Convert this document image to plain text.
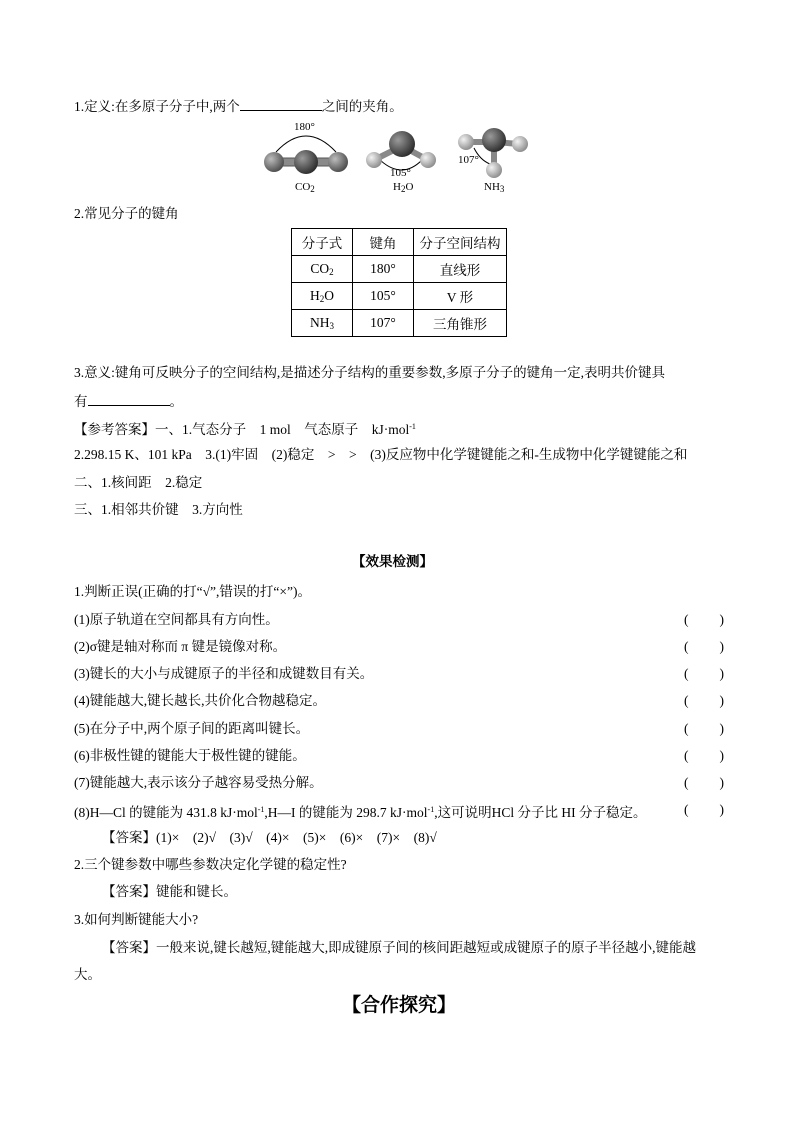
1.定义:在多原子分子中,两个	之间的夹角。
180°
105°
107°
$CO_2$	$H_2O$	$NH_3$
2.常见分子的键角
分子式	键角	分子空间结构
$CO_2$	180°	直线形
$H_2O$	105°	V 形
$NH_3$	107°	三角锥形
3.意义:键角可反映分子的空间结构,是描述分子结构的重要参数,多原子分子的键角一定,表明共价键具
有	。
【参考答案】一、1.气态分子　1 mol　气态原子　kJ·mol$^{-1}$
2.298.15 K、101 kPa　3.(1)牢固　(2)稳定　>　>　(3)反应物中化学键键能之和-生成物中化学键键能之和
二、1.核间距　2.稳定
三、1.相邻共价键　3.方向性
【效果检测】
1.判断正误(正确的打“√”,错误的打“×”)。
(1)原子轨道在空间都具有方向性。	( )
(2)σ键是轴对称而 π 键是镜像对称。	( )
(3)键长的大小与成键原子的半径和成键数目有关。	( )
(4)键能越大,键长越长,共价化合物越稳定。	( )
(5)在分子中,两个原子间的距离叫键长。	( )
(6)非极性键的键能大于极性键的键能。	( )
(7)键能越大,表示该分子越容易受热分解。	( )
(8)H—Cl 的键能为 431.8 kJ·mol$^{-1}$,H—I 的键能为 298.7 kJ·mol$^{-1}$,这可说明HCl 分子比 HI 分子稳定。	( )
【答案】(1)×　(2)√　(3)√　(4)×　(5)×　(6)×　(7)×　(8)√
2.三个键参数中哪些参数决定化学键的稳定性?
【答案】键能和键长。
3.如何判断键能大小?
【答案】一般来说,键长越短,键能越大,即成键原子间的核间距越短或成键原子的原子半径越小,键能越
大。
【合作探究】
